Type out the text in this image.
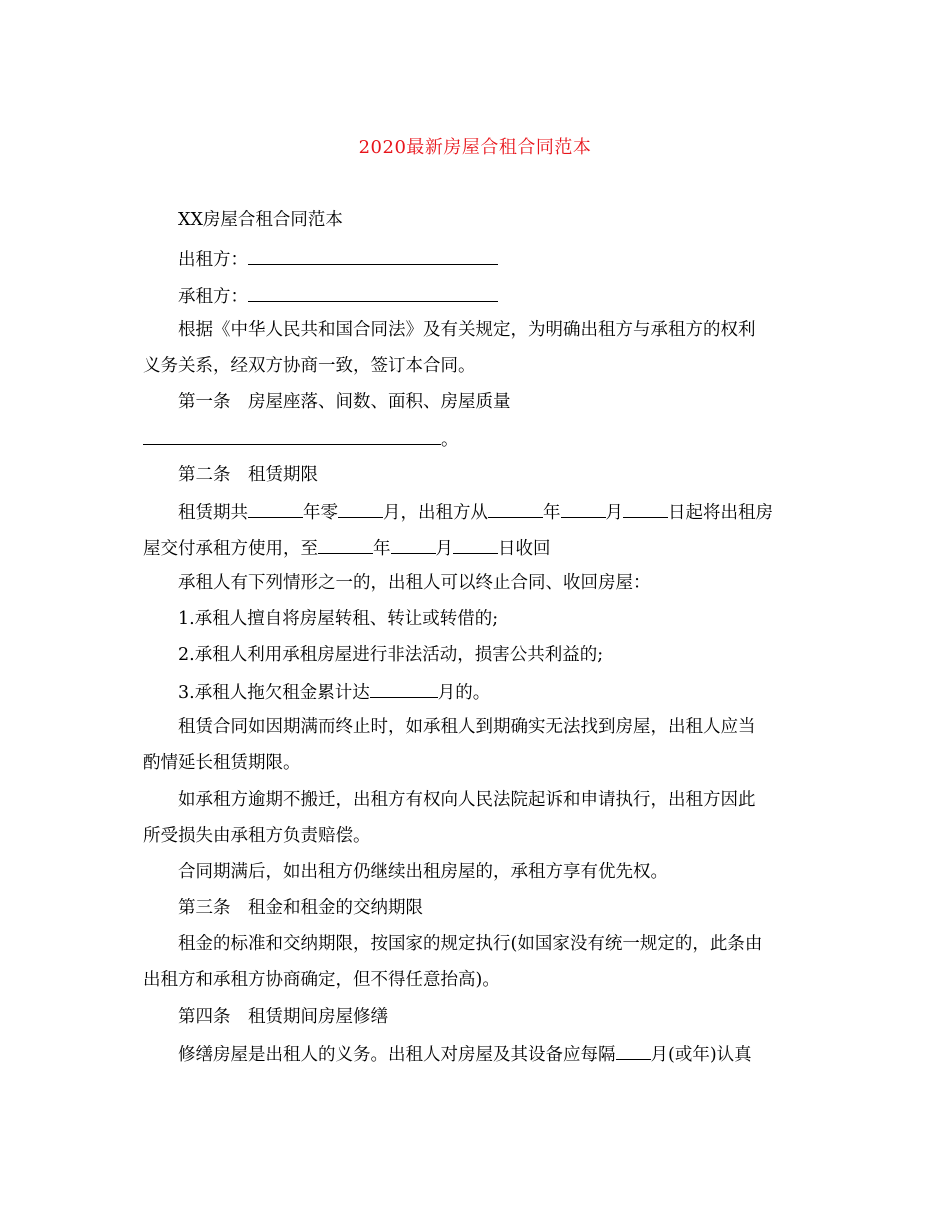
2020最新房屋合租合同范本
XX房屋合租合同范本
出租方：
承租方：
根据《中华人民共和国合同法》及有关规定，为明确出租方与承租方的权利
义务关系，经双方协商一致，签订本合同。
第一条　房屋座落、间数、面积、房屋质量
。
第二条　租赁期限
租赁期共	年零	月，出租方从	年	月	日起将出租房
屋交付承租方使用，至	年	月	日收回
承租人有下列情形之一的，出租人可以终止合同、收回房屋：
1.承租人擅自将房屋转租、转让或转借的;
2.承租人利用承租房屋进行非法活动，损害公共利益的;
3.承租人拖欠租金累计达	月的。
租赁合同如因期满而终止时，如承租人到期确实无法找到房屋，出租人应当
酌情延长租赁期限。
如承租方逾期不搬迁，出租方有权向人民法院起诉和申请执行，出租方因此
所受损失由承租方负责赔偿。
合同期满后，如出租方仍继续出租房屋的，承租方享有优先权。
第三条　租金和租金的交纳期限
租金的标准和交纳期限，按国家的规定执行(如国家没有统一规定的，此条由
出租方和承租方协商确定，但不得任意抬高)。
第四条　租赁期间房屋修缮
修缮房屋是出租人的义务。出租人对房屋及其设备应每隔 月(或年)认真
